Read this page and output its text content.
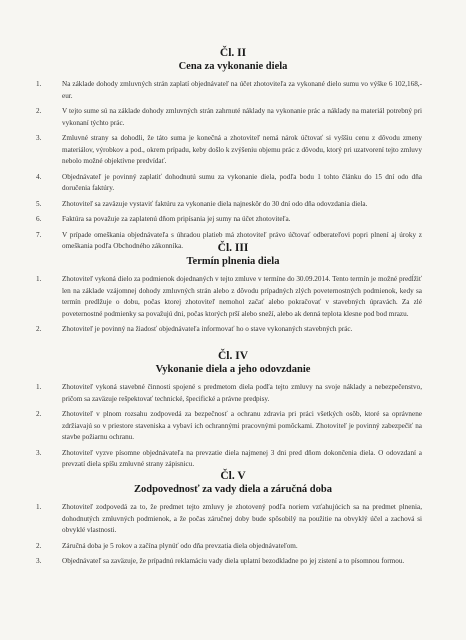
Čl. II
Cena za vykonanie diela
1.	Na základe dohody zmluvných strán zaplatí objednávateľ na účet zhotoviteľa za vykonané dielo sumu vo výške 6 102,168,- eur.
2.	V tejto sume sú na základe dohody zmluvných strán zahrnuté náklady na vykonanie prác a náklady na materiál potrebný pri vykonaní týchto prác.
3.	Zmluvné strany sa dohodli, že táto suma je konečná a zhotoviteľ nemá nárok účtovať si vyššiu cenu z dôvodu zmeny materiálov, výrobkov a pod., okrem prípadu, keby došlo k zvýšeniu objemu prác z dôvodu, ktorý pri uzatvorení tejto zmluvy nebolo možné objektívne predvídať.
4.	Objednávateľ je povinný zaplatiť dohodnutú sumu za vykonanie diela, podľa bodu 1 tohto článku do 15 dní odo dňa doručenia faktúry.
5.	Zhotoviteľ sa zaväzuje vystaviť faktúru za vykonanie diela najneskôr do 30 dní odo dňa odovzdania diela.
6.	Faktúra sa považuje za zaplatenú dňom pripísania jej sumy na účet zhotoviteľa.
7.	V prípade omeškania objednávateľa s úhradou platieb má zhotoviteľ právo účtovať odberateľovi popri plnení aj úroky z omeškania podľa Obchodného zákonníka.	Čl. III
Termín plnenia diela
1.	Zhotoviteľ vykoná dielo za podmienok dojednaných v tejto zmluve v termíne do 30.09.2014. Tento termín je možné predĺžiť len na základe vzájomnej dohody zmluvných strán alebo z dôvodu prípadných zlých poveternostných podmienok, kedy sa termín predlžuje o dobu, počas ktorej zhotoviteľ nemohol začať alebo pokračovať v stavebných úpravách. Za zlé poveternostné podmienky sa považujú dni, počas ktorých prší alebo sneží, alebo ak denná teplota klesne pod bod mrazu.
2.	Zhotoviteľ je povinný na žiadosť objednávateľa informovať ho o stave vykonaných stavebných prác.
Čl. IV
Vykonanie diela a jeho odovzdanie
1.	Zhotoviteľ vykoná stavebné činnosti spojené s predmetom diela podľa tejto zmluvy na svoje náklady a nebezpečenstvo, pričom sa zaväzuje rešpektovať technické, špecifické a právne predpisy.
2.	Zhotoviteľ v plnom rozsahu zodpovedá za bezpečnosť a ochranu zdravia pri práci všetkých osôb, ktoré sa oprávnene zdržiavajú so v priestore staveniska a vybaví ich ochrannými pracovnými pomôckami. Zhotoviteľ je povinný zabezpečiť na stavbe požiarnu ochranu.
3.	Zhotoviteľ vyzve písomne objednávateľa na prevzatie diela najmenej 3 dni pred dňom dokončenia diela. O odovzdaní a prevzatí diela spíšu zmluvné strany zápisnicu.
Čl. V
Zodpovednosť za vady diela a záručná doba
1.	Zhotoviteľ zodpovedá za to, že predmet tejto zmluvy je zhotovený podľa noriem vzťahujúcich sa na predmet plnenia, dohodnutých zmluvných podmienok, a že počas záručnej doby bude spôsobilý na použitie na obvyklý účel a zachová si obvyklé vlastnosti.
2.	Záručná doba je 5 rokov a začína plynúť odo dňa prevzatia diela objednávateľom.
3.	Objednávateľ sa zaväzuje, že prípadnú reklamáciu vady diela uplatní bezodkladne po jej zistení a to písomnou formou.
